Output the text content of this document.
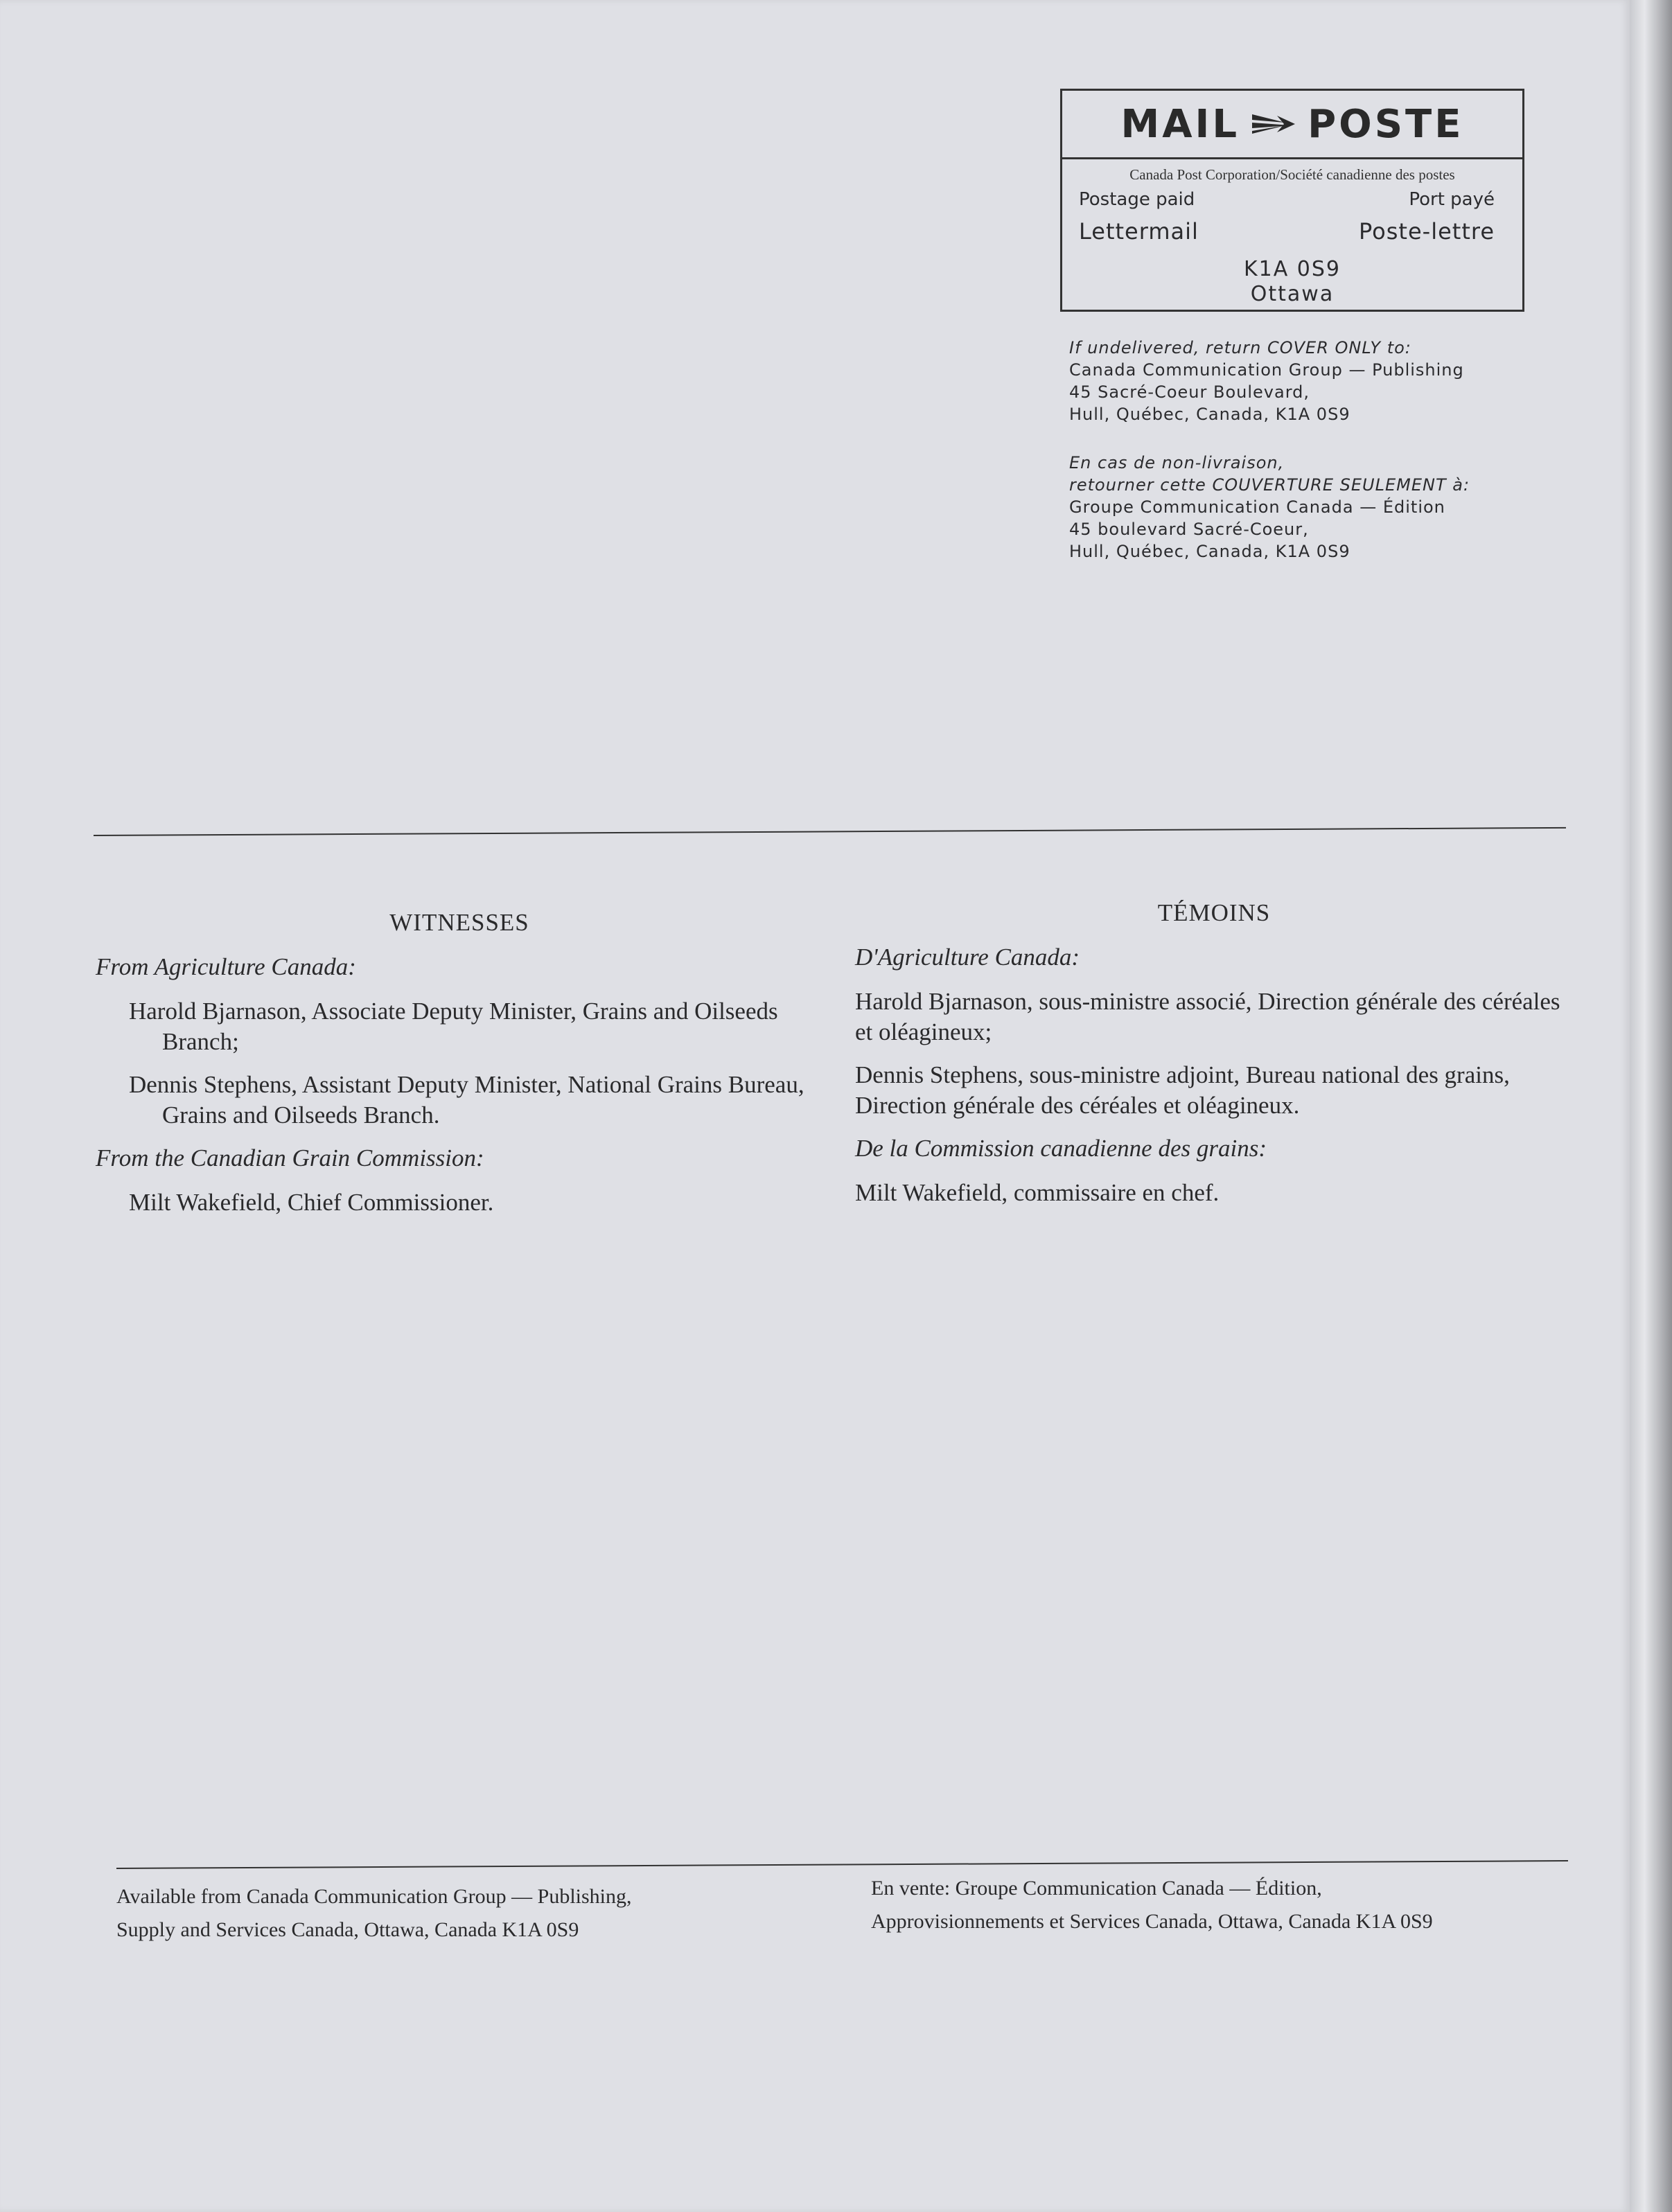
MAIL POSTE
Canada Post Corporation/Société canadienne des postes
Postage paid	Port payé
Lettermail	Poste-lettre
K1A 0S9
Ottawa
If undelivered, return COVER ONLY to:
Canada Communication Group — Publishing
45 Sacré-Coeur Boulevard,
Hull, Québec, Canada, K1A 0S9
En cas de non-livraison,
retourner cette COUVERTURE SEULEMENT à:
Groupe Communication Canada — Édition
45 boulevard Sacré-Coeur,
Hull, Québec, Canada, K1A 0S9
WITNESSES
From Agriculture Canada:
Harold Bjarnason, Associate Deputy Minister, Grains and Oilseeds Branch;
Dennis Stephens, Assistant Deputy Minister, National Grains Bureau, Grains and Oilseeds Branch.
From the Canadian Grain Commission:
Milt Wakefield, Chief Commissioner.
TÉMOINS
D'Agriculture Canada:
Harold Bjarnason, sous-ministre associé, Direction générale des céréales et oléagineux;
Dennis Stephens, sous-ministre adjoint, Bureau national des grains, Direction générale des céréales et oléagineux.
De la Commission canadienne des grains:
Milt Wakefield, commissaire en chef.
Available from Canada Communication Group — Publishing,
Supply and Services Canada, Ottawa, Canada K1A 0S9
En vente: Groupe Communication Canada — Édition,
Approvisionnements et Services Canada, Ottawa, Canada K1A 0S9
